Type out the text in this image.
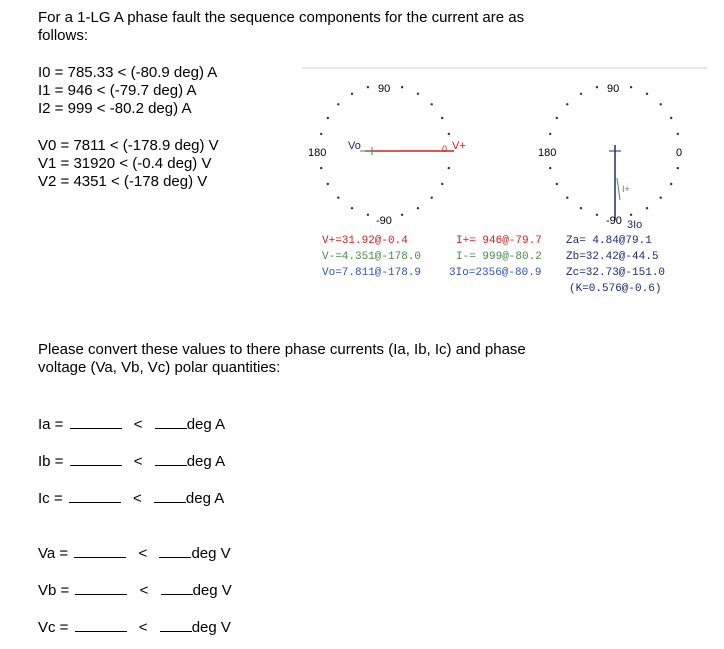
For a 1-LG A phase fault the sequence components for the current are as
follows:
I0 = 785.33 < (-80.9 deg) A
I1 = 946 < (-79.7 deg) A
I2 = 999 < -80.2 deg) A
V0 = 7811 < (-178.9 deg) V
V1 = 31920 < (-0.4 deg) V
V2 = 4351 < (-178 deg) V
90
180
-90
Vo	V+
0
90
180	0
-90 3Io
I+
V+=31.92@-0.4
V-=4.351@-178.0
Vo=7.811@-178.9
I+= 946@-79.7
I-= 999@-80.2
3Io=2356@-80.9
Za= 4.84@79.1
Zb=32.42@-44.5
Zc=32.73@-151.0
(K=0.576@-0.6)
Please convert these values to there phase currents (Ia, Ib, Ic) and phase
voltage (Va, Vb, Vc) polar quantities:
Ia =	<	deg A
Ib =	<	deg A
Ic =	<	deg A
Va =	<	deg V
Vb =	<	deg V
Vc =	<	deg V
